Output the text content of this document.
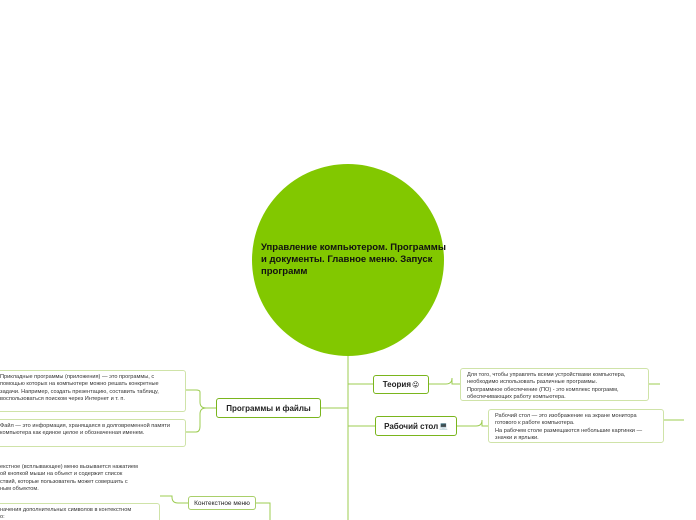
Управление компьютером. Программы и документы. Главное меню. Запуск программ
Теория 😜
Для того, чтобы управлять всеми устройствами компьютера, необходимо использовать различные программы.
Программное обеспечение (ПО) - это комплекс программ, обеспечивающих работу компьютера.
Рабочий стол 💻
Рабочий стол — это изображение на экране монитора готового к работе компьютера.
На рабочем столе размещаются небольшие картинки — значки и ярлыки.
Программы и файлы
Прикладные программы (приложения) — это программы, с помощью которых на компьютере можно решать конкретные задачи. Например, создать презентацию, составить таблицу, воспользоваться поиском через Интернет и т. п.
Файл — это информация, хранящаяся в долговременной памяти компьютера как единое целое и обозначенная именем.
Контекстное меню
екстное (всплывающее) меню вызывается нажатием
ой кнопкой мыши на объект и содержит список
ствий, которые пользователь может совершить с
ным объектом.
начения дополнительных символов в контекстном
о:
